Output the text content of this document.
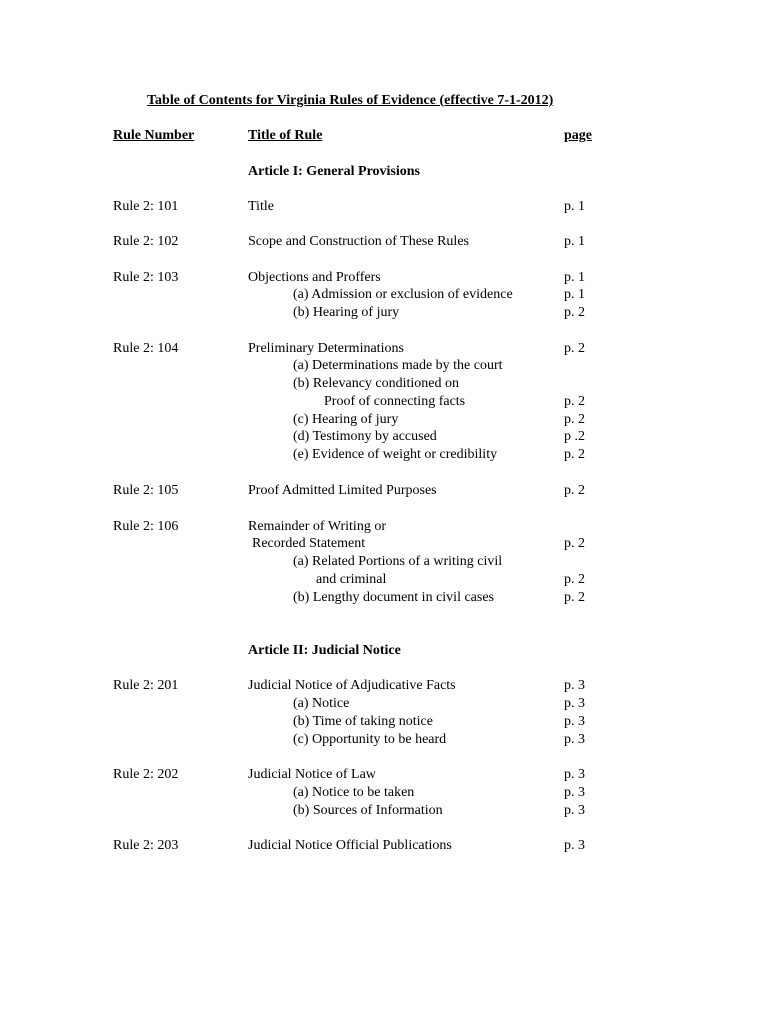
Table of Contents for Virginia Rules of Evidence (effective 7-1-2012)
Rule Number	Title of Rule	page
Article I: General Provisions
Rule 2: 101	Title	p. 1
Rule 2: 102	Scope and Construction of These Rules	p. 1
Rule 2: 103	Objections and Proffers	p. 1
(a) Admission or exclusion of evidence	p. 1
(b) Hearing of jury	p. 2
Rule 2: 104	Preliminary Determinations	p. 2
(a) Determinations made by the court
(b) Relevancy conditioned on
Proof of connecting facts	p. 2
(c) Hearing of jury	p. 2
(d) Testimony by accused	p .2
(e) Evidence of weight or credibility	p. 2
Rule 2: 105	Proof Admitted Limited Purposes	p. 2
Rule 2: 106	Remainder of Writing or
Recorded Statement	p. 2
(a) Related Portions of a writing civil
and criminal	p. 2
(b) Lengthy document in civil cases	p. 2
Article II: Judicial Notice
Rule 2: 201	Judicial Notice of Adjudicative Facts	p. 3
(a) Notice	p. 3
(b) Time of taking notice	p. 3
(c) Opportunity to be heard	p. 3
Rule 2: 202	Judicial Notice of Law	p. 3
(a) Notice to be taken	p. 3
(b) Sources of Information	p. 3
Rule 2: 203	Judicial Notice Official Publications	p. 3
